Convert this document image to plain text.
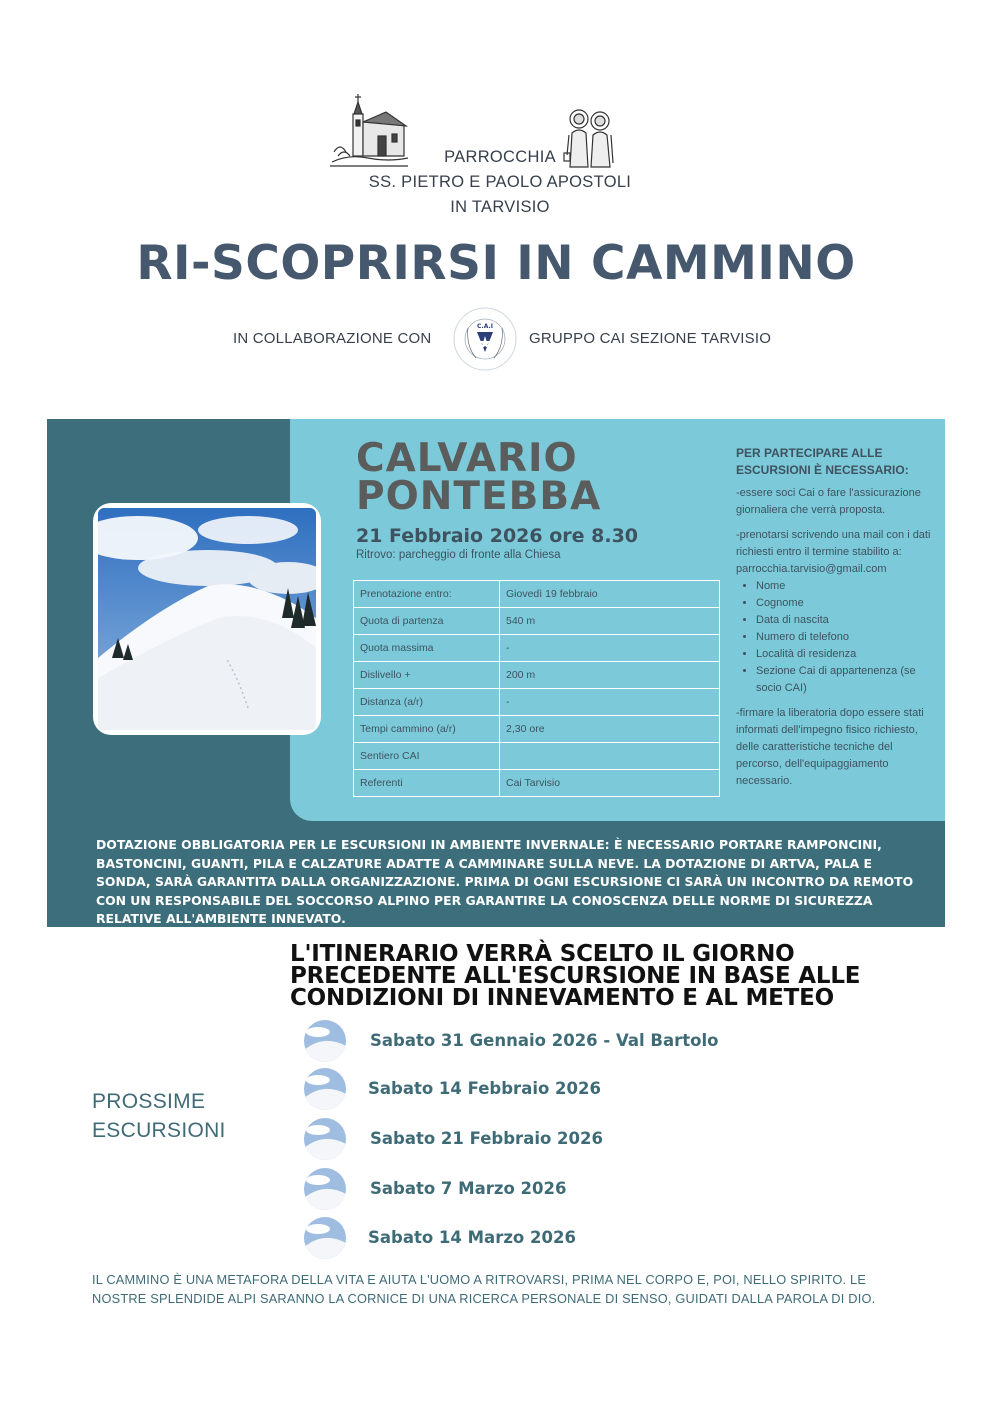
PARROCCHIA
SS. PIETRO E PAOLO APOSTOLI
IN TARVISIO
RI-SCOPRIRSI IN CAMMINO
IN COLLABORAZIONE CON
C.A.I
GRUPPO CAI SEZIONE TARVISIO
CALVARIO
PONTEBBA
21 Febbraio 2026 ore 8.30
Ritrovo: parcheggio di fronte alla Chiesa
Prenotazione entro:	Giovedì 19 febbraio
Quota di partenza	540 m
Quota massima	-
Dislivello +	200 m
Distanza (a/r)	-
Tempi cammino (a/r)	2,30 ore
Sentiero CAI	
Referenti	Cai Tarvisio
PER PARTECIPARE ALLE ESCURSIONI È NECESSARIO:

-essere soci Cai o fare l'assicurazione giornaliera che verrà proposta.

-prenotarsi scrivendo una mail con i dati richiesti entro il termine stabilito a:
parrocchia.tarvisio@gmail.com

• Nome
• Cognome
• Data di nascita
• Numero di telefono
• Località di residenza
• Sezione Cai di appartenenza (se socio CAI)

-firmare la liberatoria dopo essere stati informati dell'impegno fisico richiesto, delle caratteristiche tecniche del percorso, dell'equipaggiamento necessario.

DOTAZIONE OBBLIGATORIA PER LE ESCURSIONI IN AMBIENTE INVERNALE: È NECESSARIO PORTARE RAMPONCINI, BASTONCINI, GUANTI, PILA E CALZATURE ADATTE A CAMMINARE SULLA NEVE. LA DOTAZIONE DI ARTVA, PALA E SONDA, SARÀ GARANTITA DALLA ORGANIZZAZIONE. PRIMA DI OGNI ESCURSIONE CI SARÀ UN INCONTRO DA REMOTO CON UN RESPONSABILE DEL SOCCORSO ALPINO PER GARANTIRE LA CONOSCENZA DELLE NORME DI SICUREZZA RELATIVE ALL'AMBIENTE INNEVATO.
L'ITINERARIO VERRÀ SCELTO IL GIORNO PRECEDENTE ALL'ESCURSIONE IN BASE ALLE CONDIZIONI DI INNEVAMENTO E AL METEO
PROSSIME
ESCURSIONI
Sabato 31 Gennaio 2026 - Val Bartolo
Sabato 14 Febbraio 2026
Sabato 21 Febbraio 2026
Sabato 7 Marzo 2026
Sabato 14 Marzo 2026
IL CAMMINO È UNA METAFORA DELLA VITA E AIUTA L'UOMO A RITROVARSI, PRIMA NEL CORPO E, POI, NELLO SPIRITO. LE NOSTRE SPLENDIDE ALPI SARANNO LA CORNICE DI UNA RICERCA PERSONALE DI SENSO, GUIDATI DALLA PAROLA DI DIO.
